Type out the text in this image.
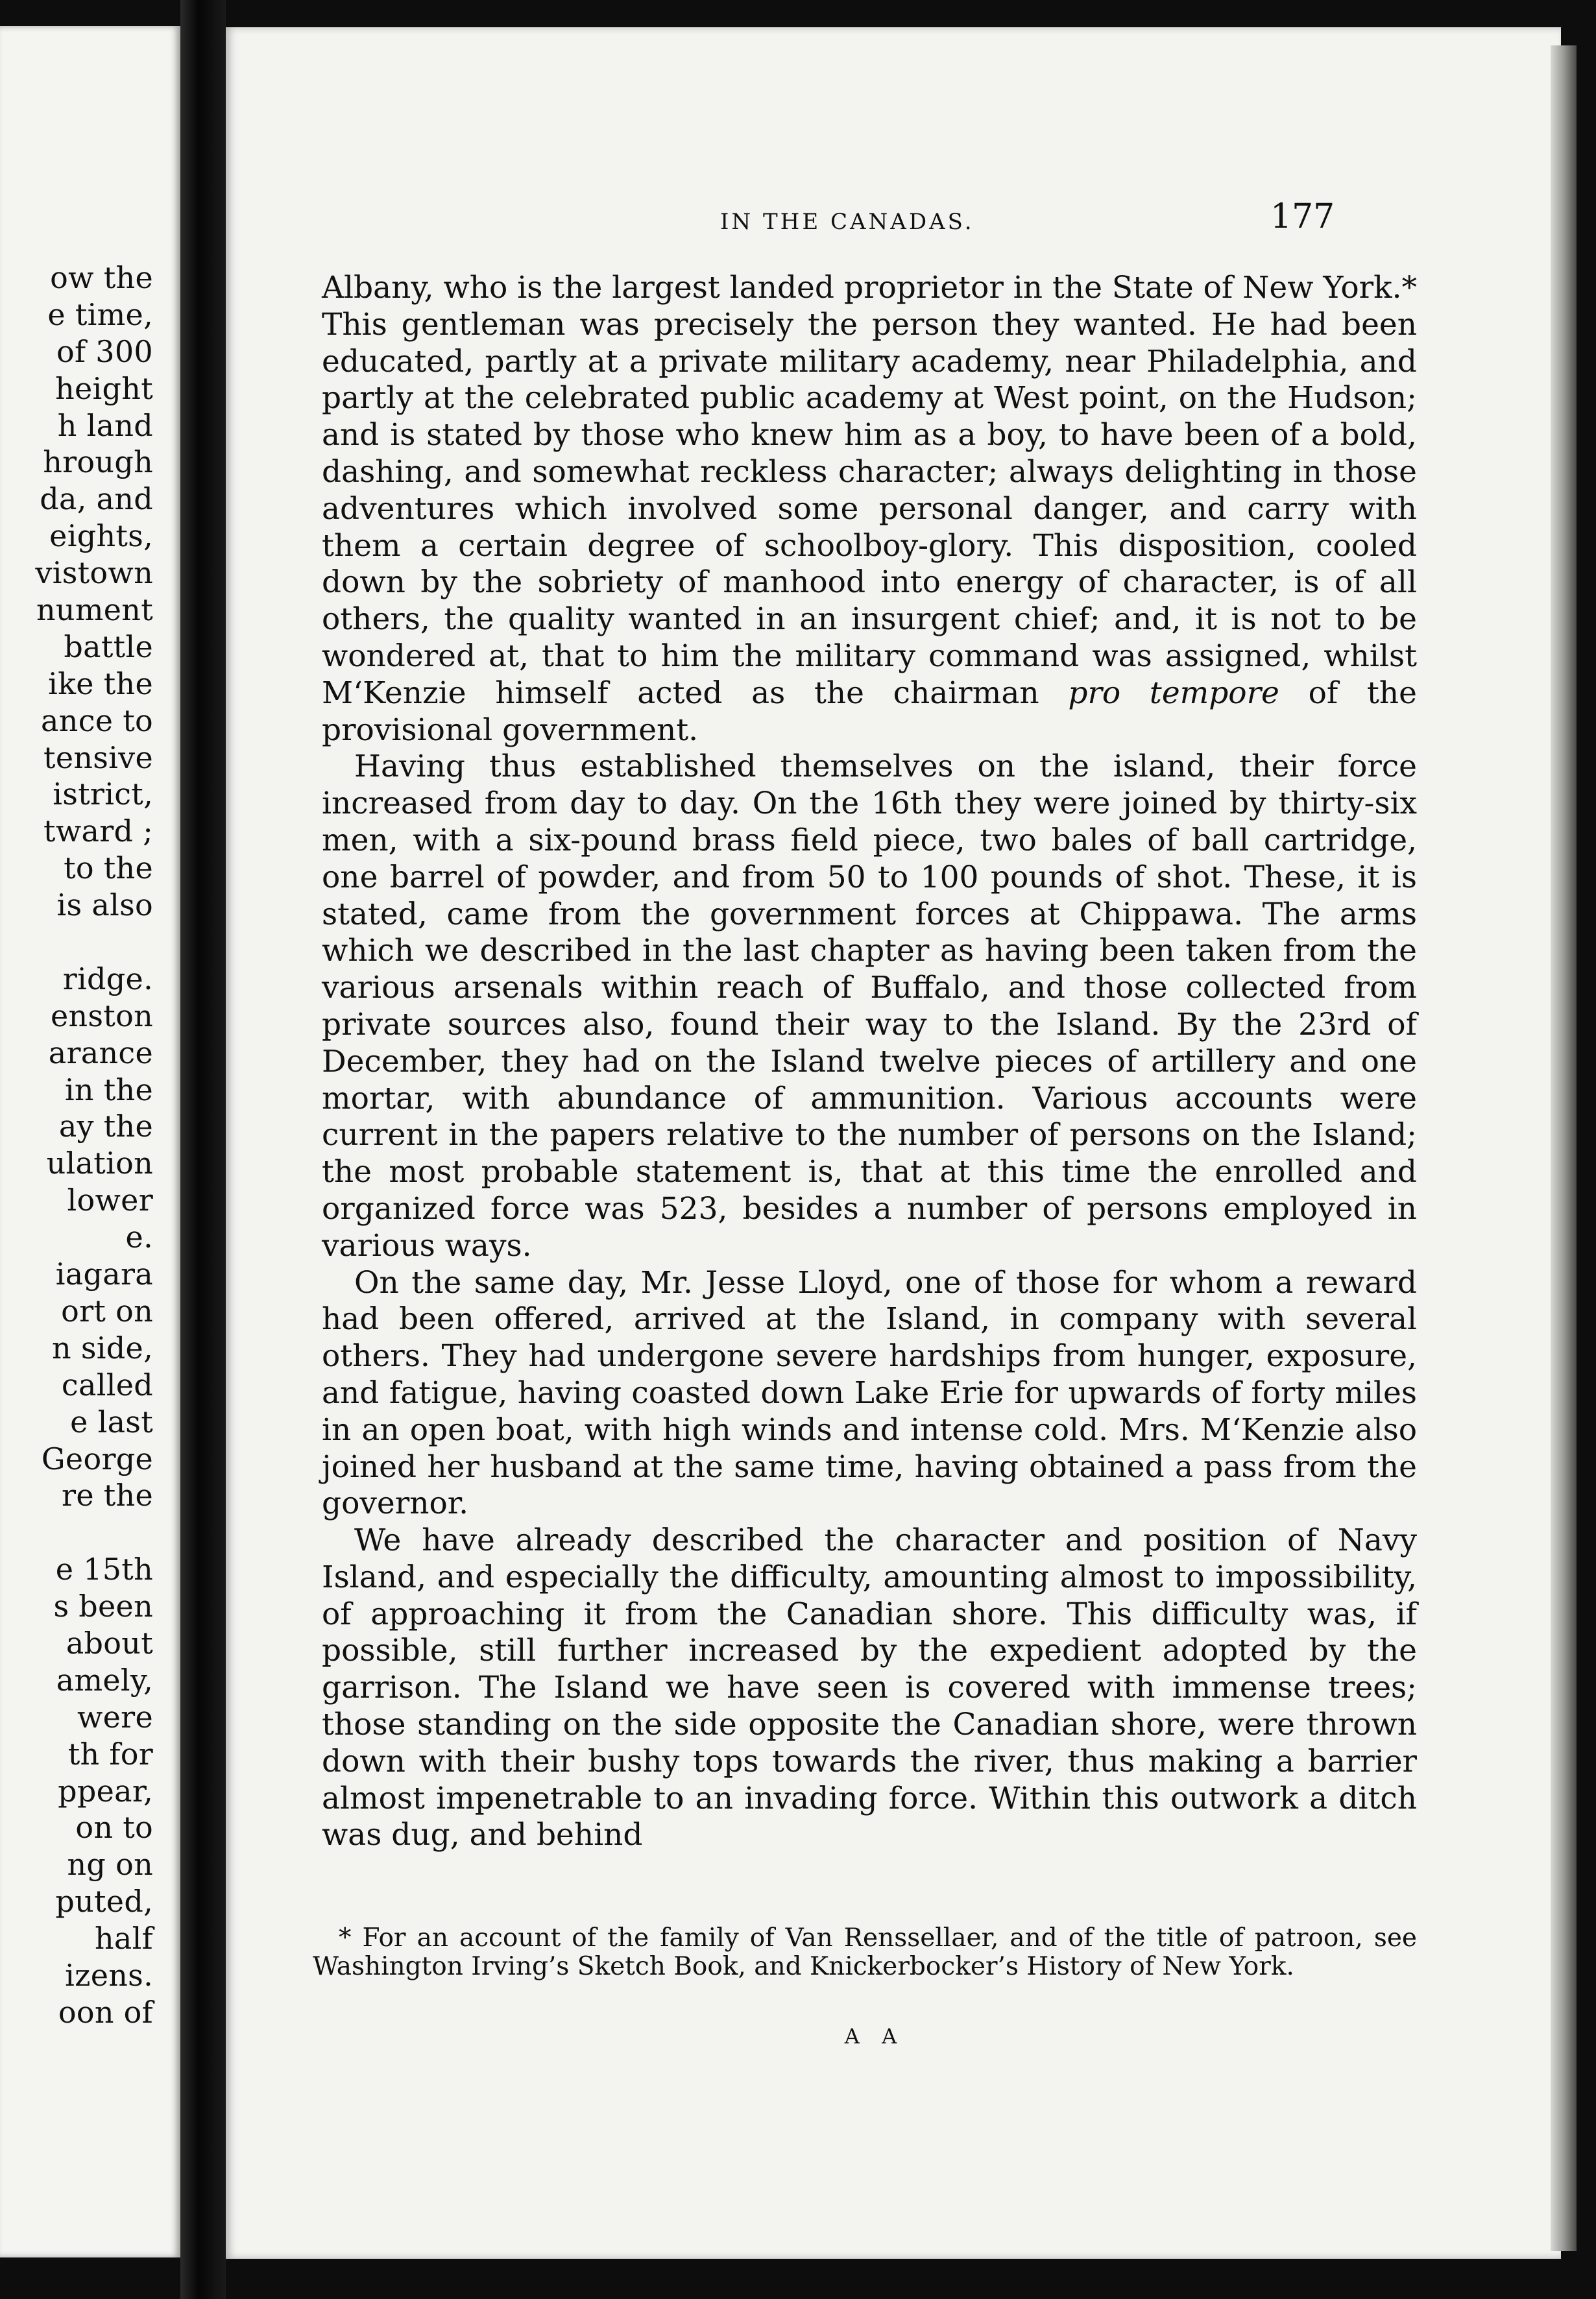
ow the
e time,
of 300
height
h land
hrough
da, and
eights,
vistown
nument
battle
ike the
ance to
tensive
istrict,
tward ;
to the
is also
ridge.
enston
arance
in the
ay the
ulation
lower
e.
iagara
ort on
n side,
called
e last
George
re the
e 15th
s been
about
amely,
were
th for
ppear,
on to
ng on
puted,
half
izens.
oon of
IN THE CANADAS.	177

Albany, who is the largest landed proprietor in the State of New York.* This gentleman was precisely the person they wanted. He had been educated, partly at a private military academy, near Philadelphia, and partly at the celebrated public academy at West point, on the Hudson; and is stated by those who knew him as a boy, to have been of a bold, dashing, and somewhat reckless character; always delighting in those adventures which involved some personal danger, and carry with them a certain degree of schoolboy-glory. This disposition, cooled down by the sobriety of manhood into energy of character, is of all others, the quality wanted in an insurgent chief; and, it is not to be wondered at, that to him the military command was assigned, whilst M‘Kenzie himself acted as the chairman pro tempore of the provisional government.

Having thus established themselves on the island, their force increased from day to day. On the 16th they were joined by thirty-six men, with a six-pound brass field piece, two bales of ball cartridge, one barrel of powder, and from 50 to 100 pounds of shot. These, it is stated, came from the government forces at Chippawa. The arms which we described in the last chapter as having been taken from the various arsenals within reach of Buffalo, and those collected from private sources also, found their way to the Island. By the 23rd of December, they had on the Island twelve pieces of artillery and one mortar, with abundance of ammunition. Various accounts were current in the papers relative to the number of persons on the Island; the most probable statement is, that at this time the enrolled and organized force was 523, besides a number of persons employed in various ways.

On the same day, Mr. Jesse Lloyd, one of those for whom a reward had been offered, arrived at the Island, in company with several others. They had undergone severe hardships from hunger, exposure, and fatigue, having coasted down Lake Erie for upwards of forty miles in an open boat, with high winds and intense cold. Mrs. M‘Kenzie also joined her husband at the same time, having obtained a pass from the governor.

We have already described the character and position of Navy Island, and especially the difficulty, amounting almost to impossibility, of approaching it from the Canadian shore. This difficulty was, if possible, still further increased by the expedient adopted by the garrison. The Island we have seen is covered with immense trees; those standing on the side opposite the Canadian shore, were thrown down with their bushy tops towards the river, thus making a barrier almost impenetrable to an invading force. Within this outwork a ditch was dug, and behind

* For an account of the family of Van Renssellaer, and of the title of patroon, see Washington Irving’s Sketch Book, and Knickerbocker’s History of New York.
A A
